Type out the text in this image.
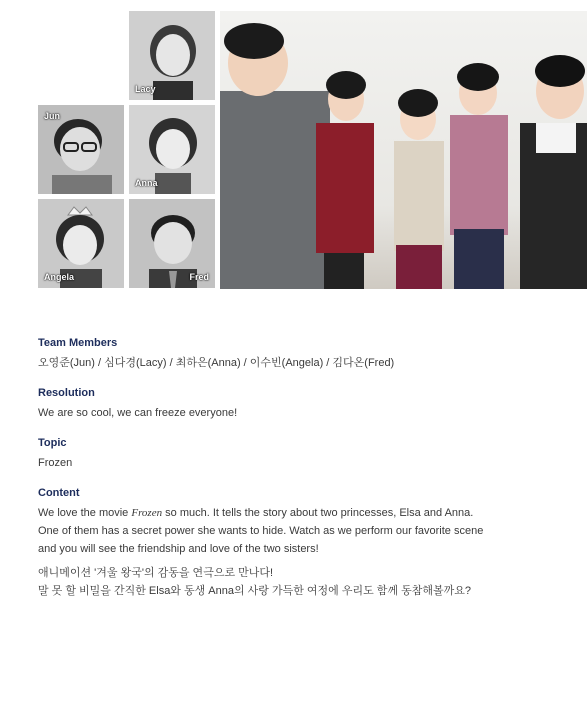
Lacy
Jun
Anna
Angela	Fred
Team Members
오영준(Jun) / 심다경(Lacy) / 최하은(Anna) / 이수빈(Angela) / 김다온(Fred)
Resolution
We are so cool, we can freeze everyone!
Topic
Frozen
Content
We love the movie Frozen so much. It tells the story about two princesses, Elsa and Anna.
One of them has a secret power she wants to hide. Watch as we perform our favorite scene
and you will see the friendship and love of the two sisters!
애니메이션 '겨울 왕국'의 감동을 연극으로 만나다!
말 못 할 비밀을 간직한 Elsa와 동생 Anna의 사랑 가득한 여정에 우리도 함께 동참해볼까요?
